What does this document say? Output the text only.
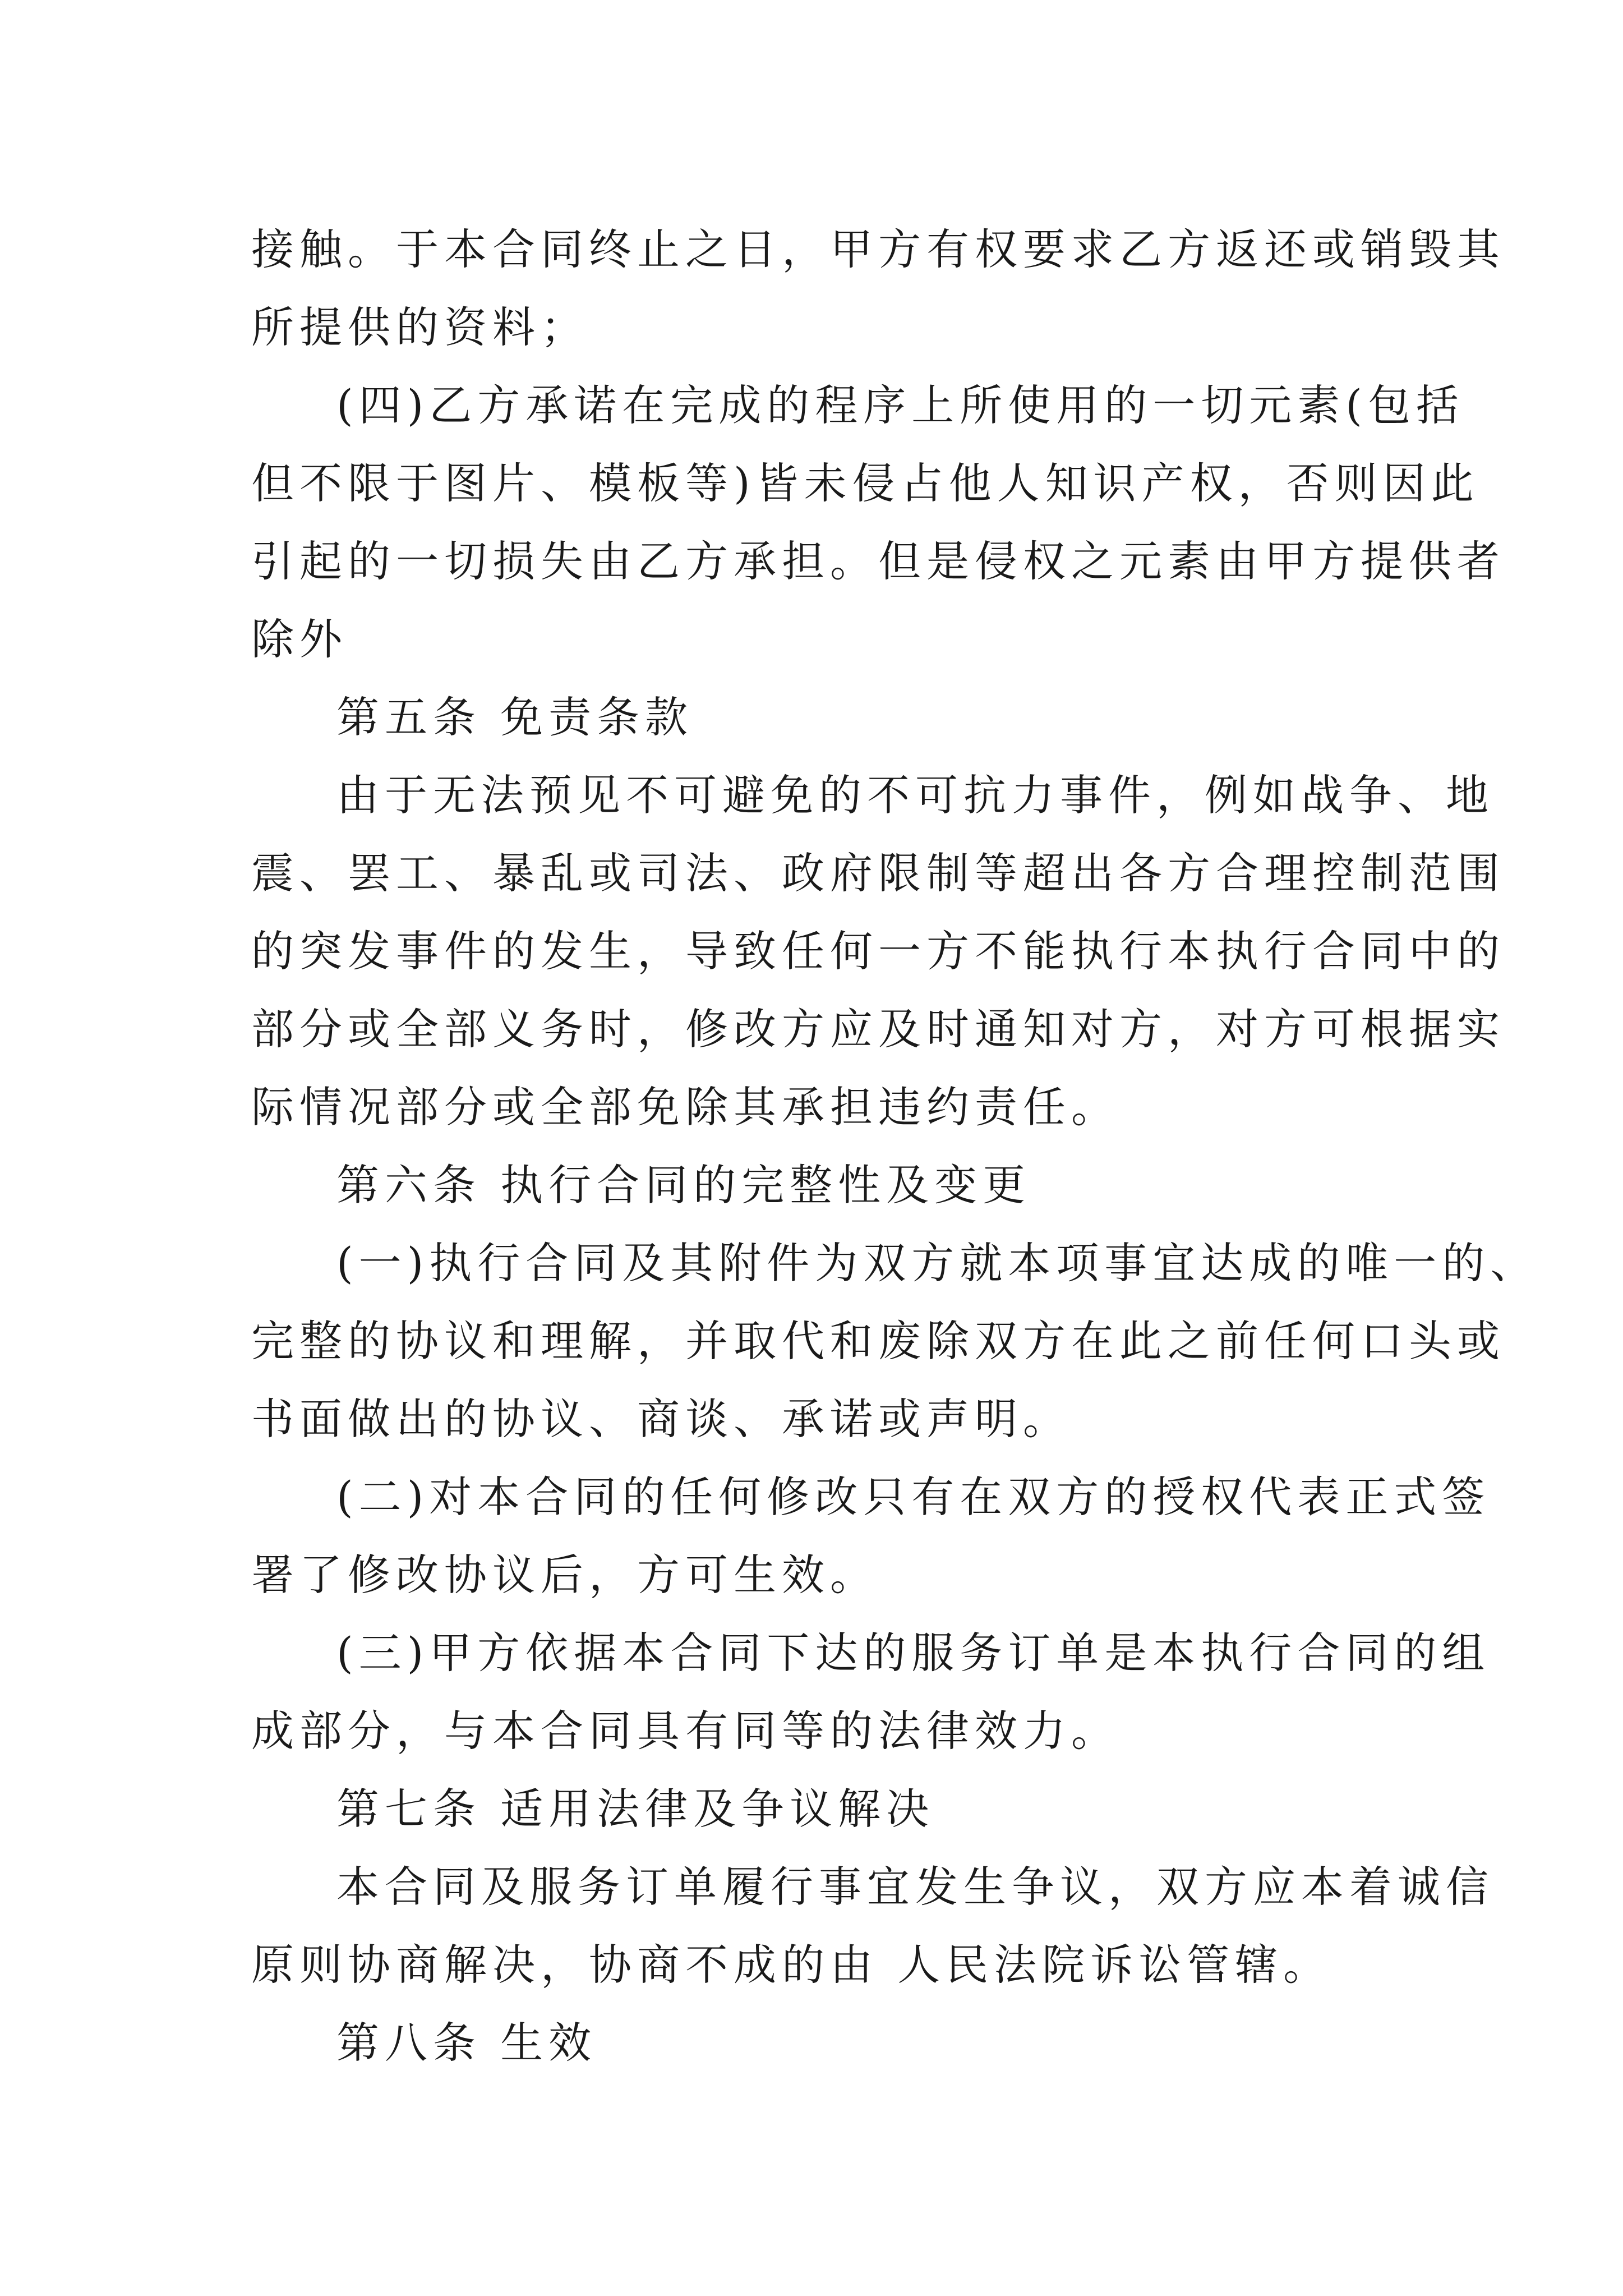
接触。于本合同终止之日，甲方有权要求乙方返还或销毁其
所提供的资料；
(四)乙方承诺在完成的程序上所使用的一切元素(包括
但不限于图片、模板等)皆未侵占他人知识产权，否则因此
引起的一切损失由乙方承担。但是侵权之元素由甲方提供者
除外
第五条 免责条款
由于无法预见不可避免的不可抗力事件，例如战争、地
震、罢工、暴乱或司法、政府限制等超出各方合理控制范围
的突发事件的发生，导致任何一方不能执行本执行合同中的
部分或全部义务时，修改方应及时通知对方，对方可根据实
际情况部分或全部免除其承担违约责任。
第六条 执行合同的完整性及变更
(一)执行合同及其附件为双方就本项事宜达成的唯一的、
完整的协议和理解，并取代和废除双方在此之前任何口头或
书面做出的协议、商谈、承诺或声明。
(二)对本合同的任何修改只有在双方的授权代表正式签
署了修改协议后，方可生效。
(三)甲方依据本合同下达的服务订单是本执行合同的组
成部分，与本合同具有同等的法律效力。
第七条 适用法律及争议解决
本合同及服务订单履行事宜发生争议，双方应本着诚信
原则协商解决，协商不成的由 人民法院诉讼管辖。
第八条 生效
